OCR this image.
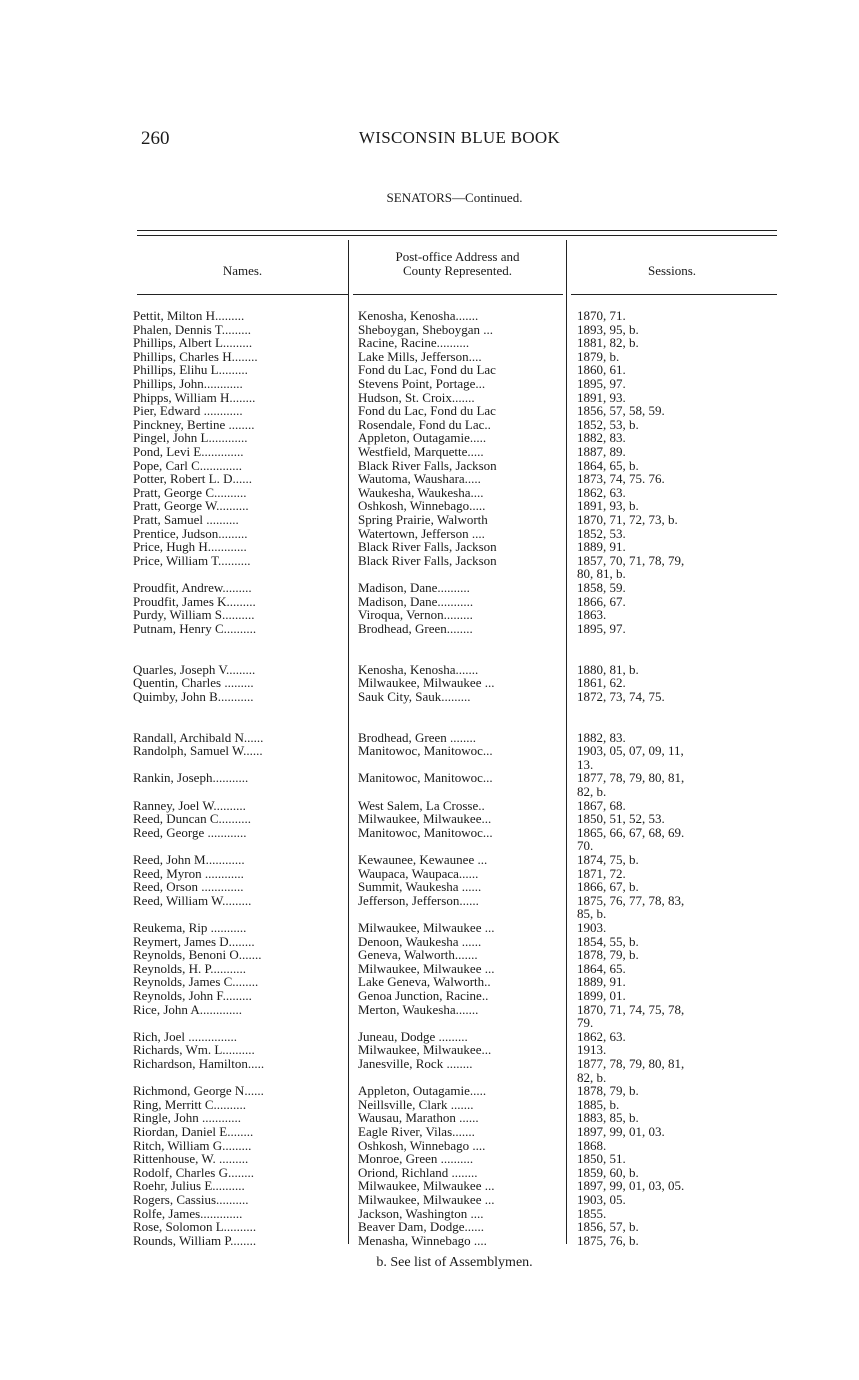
260	WISCONSIN BLUE BOOK
SENATORS—Continued.
Names.
Post-office Address and
County Represented.	Sessions.
Pettit, Milton H.........	Kenosha, Kenosha.......	1870, 71.
Phalen, Dennis T.........	Sheboygan, Sheboygan ...	1893, 95, b.
Phillips, Albert L.........	Racine, Racine..........	1881, 82, b.
Phillips, Charles H........	Lake Mills, Jefferson....	1879, b.
Phillips, Elihu L.........	Fond du Lac, Fond du Lac	1860, 61.
Phillips, John............	Stevens Point, Portage...	1895, 97.
Phipps, William H........	Hudson, St. Croix.......	1891, 93.
Pier, Edward ............	Fond du Lac, Fond du Lac	1856, 57, 58, 59.
Pinckney, Bertine ........	Rosendale, Fond du Lac..	1852, 53, b.
Pingel, John L............	Appleton, Outagamie.....	1882, 83.
Pond, Levi E.............	Westfield, Marquette.....	1887, 89.
Pope, Carl C.............	Black River Falls, Jackson	1864, 65, b.
Potter, Robert L. D......	Wautoma, Waushara.....	1873, 74, 75. 76.
Pratt, George C..........	Waukesha, Waukesha....	1862, 63.
Pratt, George W..........	Oshkosh, Winnebago.....	1891, 93, b.
Pratt, Samuel ..........	Spring Prairie, Walworth	1870, 71, 72, 73, b.
Prentice, Judson.........	Watertown, Jefferson ....	1852, 53.
Price, Hugh H............	Black River Falls, Jackson	1889, 91.
Price, William T..........	Black River Falls, Jackson	1857, 70, 71, 78, 79,
80, 81, b.
Proudfit, Andrew.........	Madison, Dane..........	1858, 59.
Proudfit, James K.........	Madison, Dane...........	1866, 67.
Purdy, William S..........	Viroqua, Vernon.........	1863.
Putnam, Henry C..........	Brodhead, Green........	1895, 97.
Quarles, Joseph V.........	Kenosha, Kenosha.......	1880, 81, b.
Quentin, Charles .........	Milwaukee, Milwaukee ...	1861, 62.
Quimby, John B...........	Sauk City, Sauk.........	1872, 73, 74, 75.
Randall, Archibald N......	Brodhead, Green ........	1882, 83.
Randolph, Samuel W......	Manitowoc, Manitowoc...	1903, 05, 07, 09, 11,
13.
Rankin, Joseph...........	Manitowoc, Manitowoc...	1877, 78, 79, 80, 81,
82, b.
Ranney, Joel W..........	West Salem, La Crosse..	1867, 68.
Reed, Duncan C..........	Milwaukee, Milwaukee...	1850, 51, 52, 53.
Reed, George ............	Manitowoc, Manitowoc...	1865, 66, 67, 68, 69.
70.
Reed, John M............	Kewaunee, Kewaunee ...	1874, 75, b.
Reed, Myron ............	Waupaca, Waupaca......	1871, 72.
Reed, Orson .............	Summit, Waukesha ......	1866, 67, b.
Reed, William W.........	Jefferson, Jefferson......	1875, 76, 77, 78, 83,
85, b.
Reukema, Rip ...........	Milwaukee, Milwaukee ...	1903.
Reymert, James D........	Denoon, Waukesha ......	1854, 55, b.
Reynolds, Benoni O.......	Geneva, Walworth.......	1878, 79, b.
Reynolds, H. P...........	Milwaukee, Milwaukee ...	1864, 65.
Reynolds, James C........	Lake Geneva, Walworth..	1889, 91.
Reynolds, John F.........	Genoa Junction, Racine..	1899, 01.
Rice, John A.............	Merton, Waukesha.......	1870, 71, 74, 75, 78,
79.
Rich, Joel ...............	Juneau, Dodge .........	1862, 63.
Richards, Wm. L..........	Milwaukee, Milwaukee...	1913.
Richardson, Hamilton.....	Janesville, Rock ........	1877, 78, 79, 80, 81,
82, b.
Richmond, George N......	Appleton, Outagamie.....	1878, 79, b.
Ring, Merritt C..........	Neillsville, Clark .......	1885, b.
Ringle, John ............	Wausau, Marathon ......	1883, 85, b.
Riordan, Daniel E........	Eagle River, Vilas.......	1897, 99, 01, 03.
Ritch, William G.........	Oshkosh, Winnebago ....	1868.
Rittenhouse, W. .........	Monroe, Green ..........	1850, 51.
Rodolf, Charles G........	Oriond, Richland ........	1859, 60, b.
Roehr, Julius E..........	Milwaukee, Milwaukee ...	1897, 99, 01, 03, 05.
Rogers, Cassius..........	Milwaukee, Milwaukee ...	1903, 05.
Rolfe, James.............	Jackson, Washington ....	1855.
Rose, Solomon L..........	Beaver Dam, Dodge......	1856, 57, b.
Rounds, William P........	Menasha, Winnebago ....	1875, 76, b.
b. See list of Assemblymen.
